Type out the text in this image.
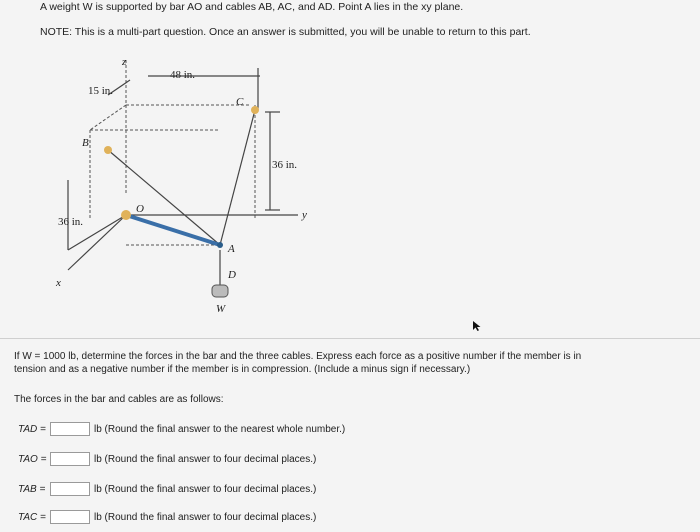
A weight W is supported by bar AO and cables AB, AC, and AD. Point A lies in the xy plane.
NOTE: This is a multi-part question. Once an answer is submitted, you will be unable to return to this part.
48 in.
15 in.
36 in.
36 in.
z
y
x
B
C
O
A
D
W
If W = 1000 lb, determine the forces in the bar and the three cables. Express each force as a positive number if the member is in
tension and as a negative number if the member is in compression. (Include a minus sign if necessary.)
The forces in the bar and cables are as follows:
TAD =	lb (Round the final answer to the nearest whole number.)
TAO =	lb (Round the final answer to four decimal places.)
TAB =	lb (Round the final answer to four decimal places.)
TAC =	lb (Round the final answer to four decimal places.)
